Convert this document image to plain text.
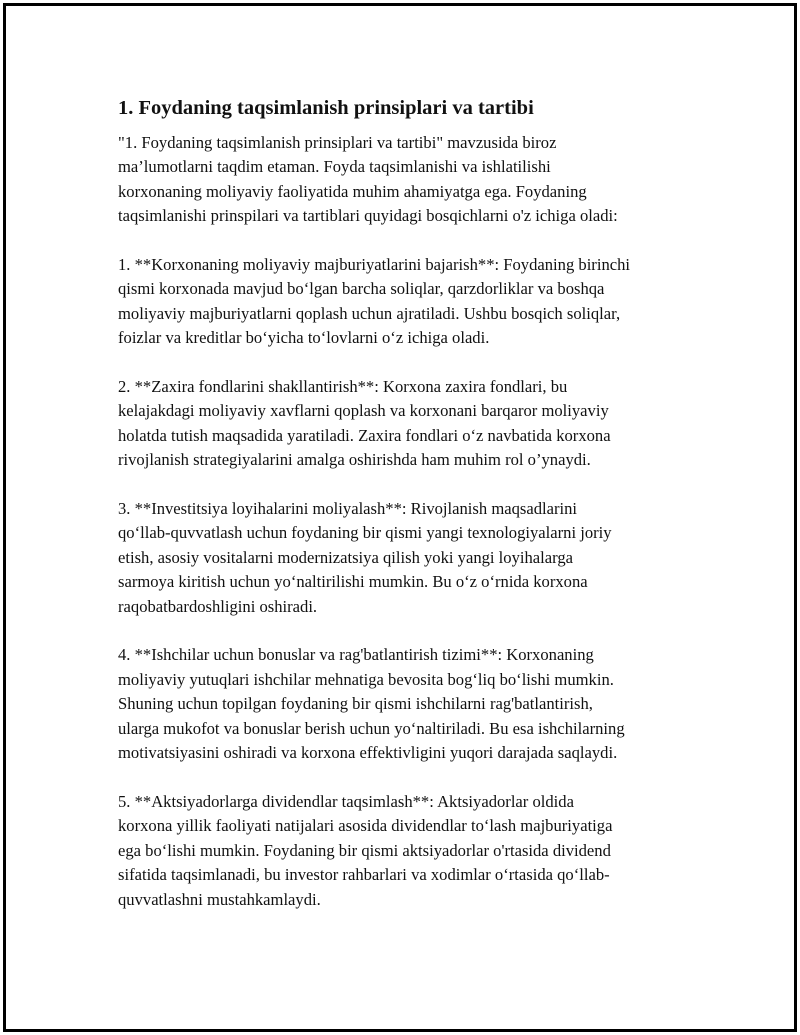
1. Foydaning taqsimlanish prinsiplari va tartibi
"1. Foydaning taqsimlanish prinsiplari va tartibi" mavzusida biroz
ma’lumotlarni taqdim etaman. Foyda taqsimlanishi va ishlatilishi
korxonaning moliyaviy faoliyatida muhim ahamiyatga ega. Foydaning
taqsimlanishi prinspilari va tartiblari quyidagi bosqichlarni o'z ichiga oladi:
1. **Korxonaning moliyaviy majburiyatlarini bajarish**: Foydaning birinchi
qismi korxonada mavjud bo‘lgan barcha soliqlar, qarzdorliklar va boshqa
moliyaviy majburiyatlarni qoplash uchun ajratiladi. Ushbu bosqich soliqlar,
foizlar va kreditlar bo‘yicha to‘lovlarni o‘z ichiga oladi.
2. **Zaxira fondlarini shakllantirish**: Korxona zaxira fondlari, bu
kelajakdagi moliyaviy xavflarni qoplash va korxonani barqaror moliyaviy
holatda tutish maqsadida yaratiladi. Zaxira fondlari o‘z navbatida korxona
rivojlanish strategiyalarini amalga oshirishda ham muhim rol o’ynaydi.
3. **Investitsiya loyihalarini moliyalash**: Rivojlanish maqsadlarini
qo‘llab-quvvatlash uchun foydaning bir qismi yangi texnologiyalarni joriy
etish, asosiy vositalarni modernizatsiya qilish yoki yangi loyihalarga
sarmoya kiritish uchun yo‘naltirilishi mumkin. Bu o‘z o‘rnida korxona
raqobatbardoshligini oshiradi.
4. **Ishchilar uchun bonuslar va rag'batlantirish tizimi**: Korxonaning
moliyaviy yutuqlari ishchilar mehnatiga bevosita bog‘liq bo‘lishi mumkin.
Shuning uchun topilgan foydaning bir qismi ishchilarni rag'batlantirish,
ularga mukofot va bonuslar berish uchun yo‘naltiriladi. Bu esa ishchilarning
motivatsiyasini oshiradi va korxona effektivligini yuqori darajada saqlaydi.
5. **Aktsiyadorlarga dividendlar taqsimlash**: Aktsiyadorlar oldida
korxona yillik faoliyati natijalari asosida dividendlar to‘lash majburiyatiga
ega bo‘lishi mumkin. Foydaning bir qismi aktsiyadorlar o'rtasida dividend
sifatida taqsimlanadi, bu investor rahbarlari va xodimlar o‘rtasida qo‘llab-
quvvatlashni mustahkamlaydi.
